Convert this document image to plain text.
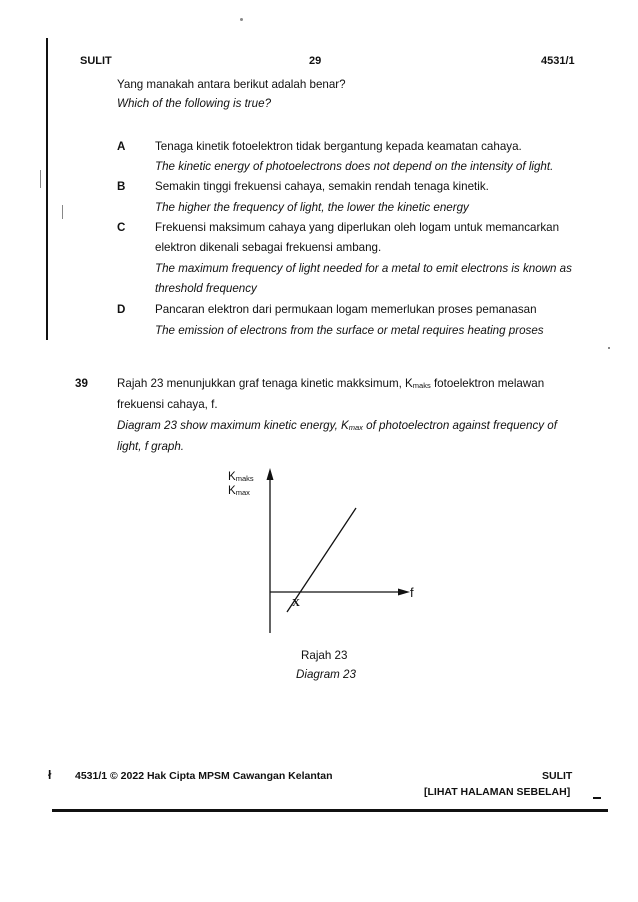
SULIT	29	4531/1
Yang manakah antara berikut adalah benar?
Which of the following is true?
A	Tenaga kinetik fotoelektron tidak bergantung kepada keamatan cahaya.
The kinetic energy of photoelectrons does not depend on the intensity of light.
B	Semakin tinggi frekuensi cahaya, semakin rendah tenaga kinetik.
The higher the frequency of light, the lower the kinetic energy
C	Frekuensi maksimum cahaya yang diperlukan oleh logam untuk memancarkan
elektron dikenali sebagai frekuensi ambang.
The maximum frequency of light needed for a metal to emit electrons is known as
threshold frequency
D	Pancaran elektron dari permukaan logam memerlukan proses pemanasan
The emission of electrons from the surface or metal requires heating proses
39	Rajah 23 menunjukkan graf tenaga kinetic makksimum, $K_{maks}$ fotoelektron melawan
frekuensi cahaya, f.
Diagram 23 show maximum kinetic energy, $K_{max}$ of photoelectron against frequency of
light, f graph.
$K_{maks}$
$K_{max}$
f
X
Rajah 23
Diagram 23
ł 4531/1 © 2022 Hak Cipta MPSM Cawangan Kelantan	SULIT
[LIHAT HALAMAN SEBELAH]
